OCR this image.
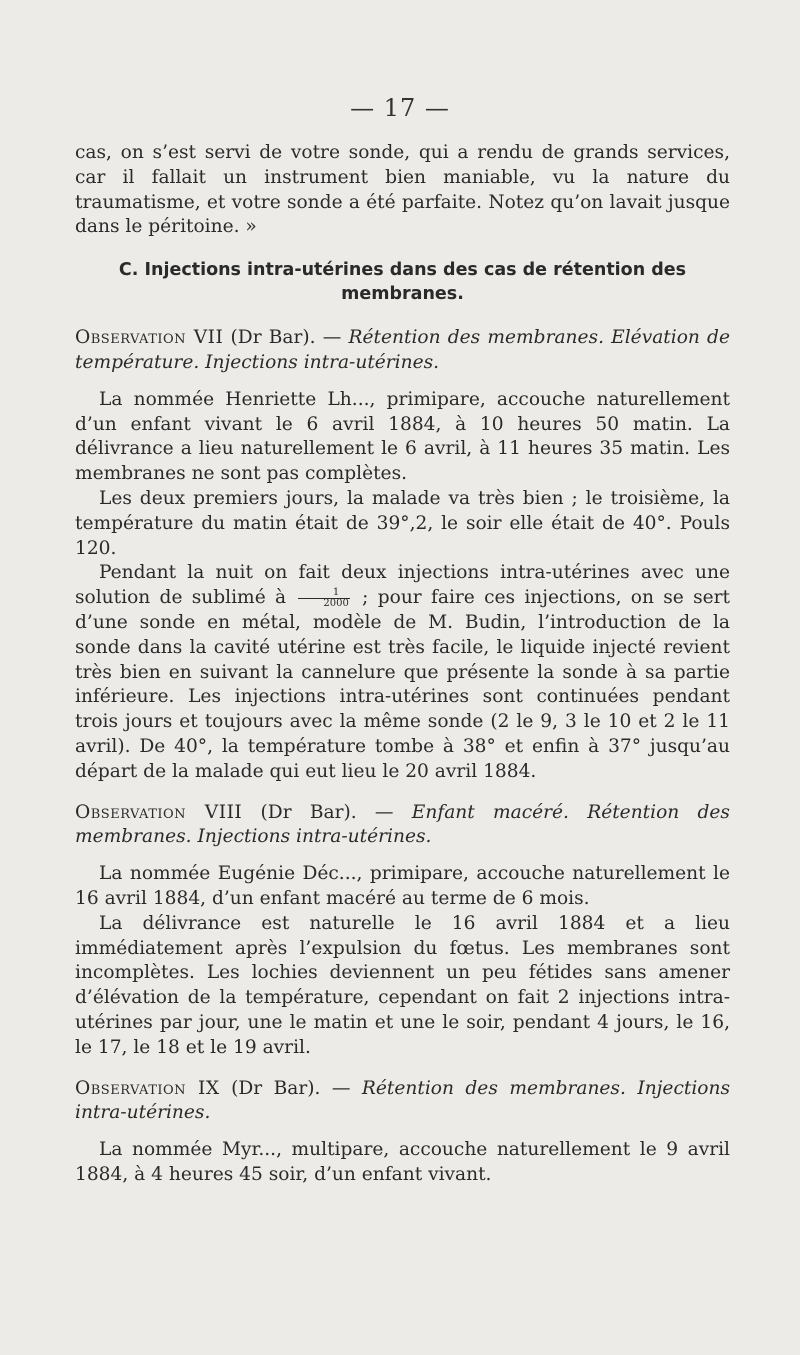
— 17 —

cas, on s’est servi de votre sonde, qui a rendu de grands services, car il fallait un instrument bien maniable, vu la nature du traumatisme, et votre sonde a été parfaite. Notez qu’on lavait jusque dans le péritoine. »

C. Injections intra-utérines dans des cas de rétention des membranes.

Observation VII (Dr Bar). — Rétention des membranes. Elévation de température. Injections intra-utérines.

La nommée Henriette Lh..., primipare, accouche naturellement d’un enfant vivant le 6 avril 1884, à 10 heures 50 matin. La délivrance a lieu naturellement le 6 avril, à 11 heures 35 matin. Les membranes ne sont pas complètes.

Les deux premiers jours, la malade va très bien ; le troisième, la température du matin était de 39°,2, le soir elle était de 40°. Pouls 120.

Pendant la nuit on fait deux injections intra-utérines avec une solution de sublimé à $\frac{1}{2000}$ ; pour faire ces injections, on se sert d’une sonde en métal, modèle de M. Budin, l’introduction de la sonde dans la cavité utérine est très facile, le liquide injecté revient très bien en suivant la cannelure que présente la sonde à sa partie inférieure. Les injections intra-utérines sont continuées pendant trois jours et toujours avec la même sonde (2 le 9, 3 le 10 et 2 le 11 avril). De 40°, la température tombe à 38° et enfin à 37° jusqu’au départ de la malade qui eut lieu le 20 avril 1884.

Observation VIII (Dr Bar). — Enfant macéré. Rétention des membranes. Injections intra-utérines.

La nommée Eugénie Déc..., primipare, accouche naturellement le 16 avril 1884, d’un enfant macéré au terme de 6 mois.

La délivrance est naturelle le 16 avril 1884 et a lieu immédiatement après l’expulsion du fœtus. Les membranes sont incomplètes. Les lochies deviennent un peu fétides sans amener d’élévation de la température, cependant on fait 2 injections intra-utérines par jour, une le matin et une le soir, pendant 4 jours, le 16, le 17, le 18 et le 19 avril.

Observation IX (Dr Bar). — Rétention des membranes. Injections intra-utérines.

La nommée Myr..., multipare, accouche naturellement le 9 avril 1884, à 4 heures 45 soir, d’un enfant vivant.
